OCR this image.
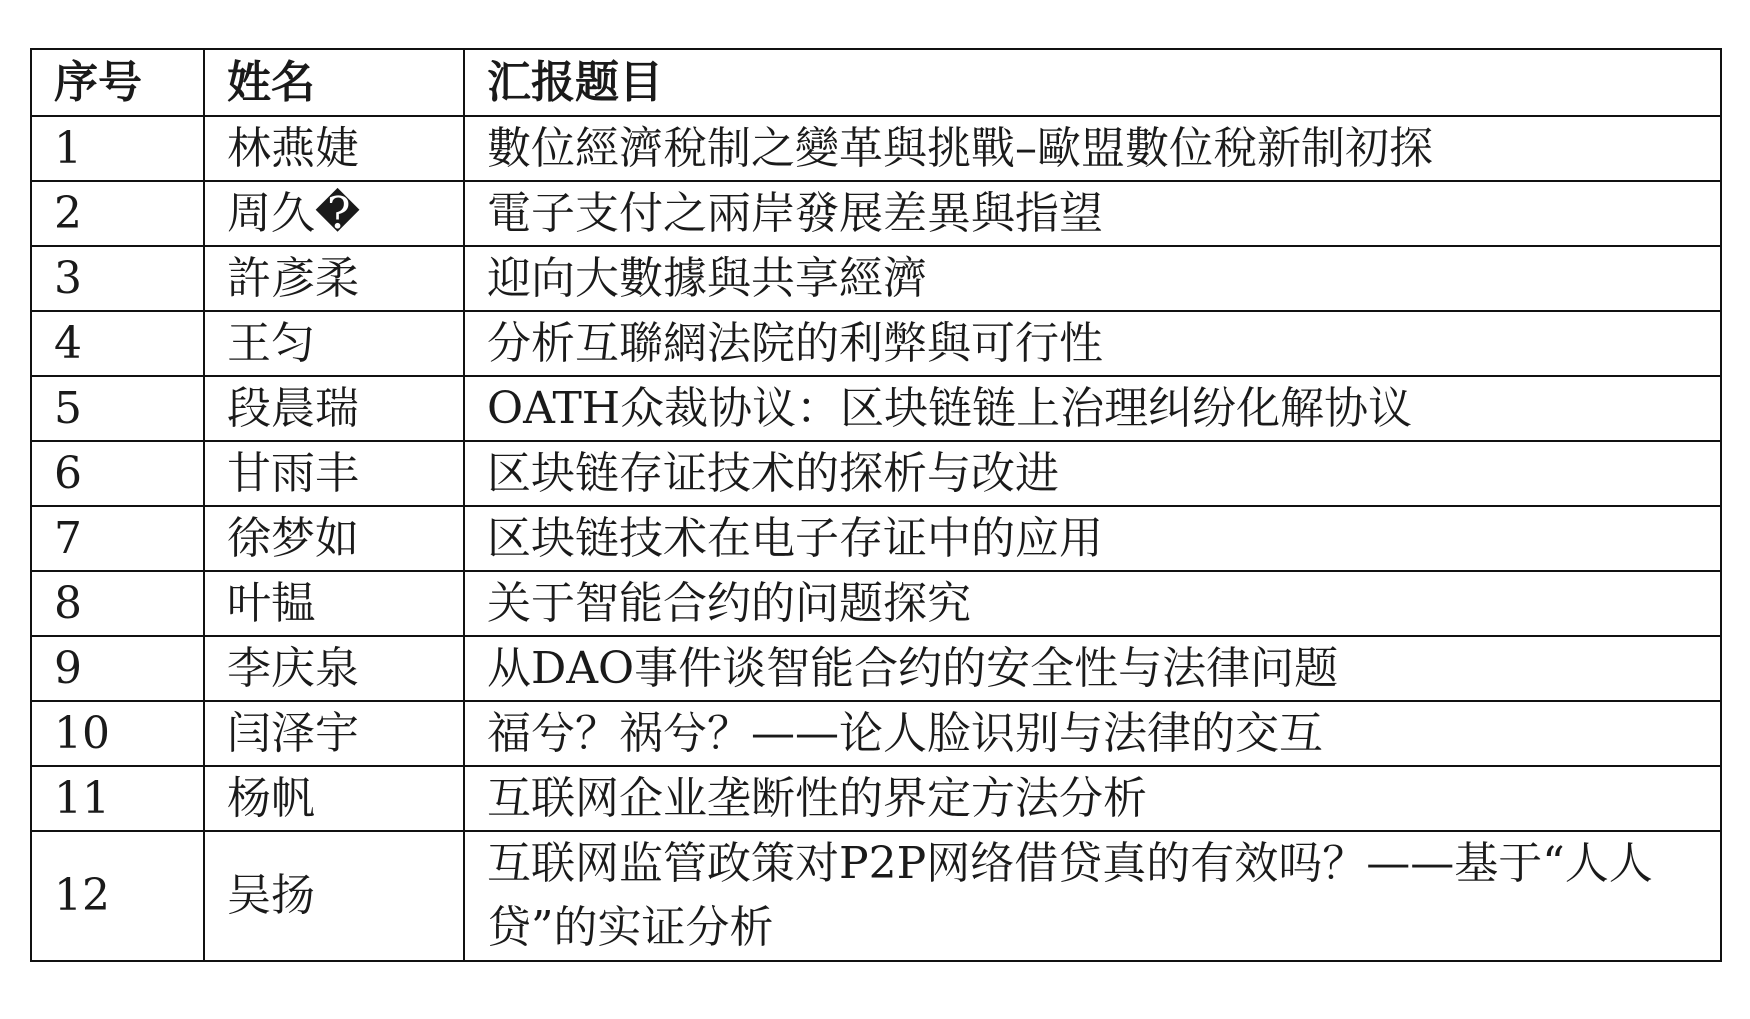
序号	姓名	汇报题目
1	林燕婕	數位經濟稅制之變革與挑戰–歐盟數位稅新制初探
2	周久�	電子支付之兩岸發展差異與指望
3	許彥柔	迎向大數據與共享經濟
4	王匀	分析互聯網法院的利弊與可行性
5	段晨瑞	OATH众裁协议：区块链链上治理纠纷化解协议
6	甘雨丰	区块链存证技术的探析与改进
7	徐梦如	区块链技术在电子存证中的应用
8	叶韫	关于智能合约的问题探究
9	李庆泉	从DAO事件谈智能合约的安全性与法律问题
10	闫泽宇	福兮？祸兮？——论人脸识别与法律的交互
11	杨帆	互联网企业垄断性的界定方法分析
12	吴扬	互联网监管政策对P2P网络借贷真的有效吗？——基于“人人贷”的实证分析
